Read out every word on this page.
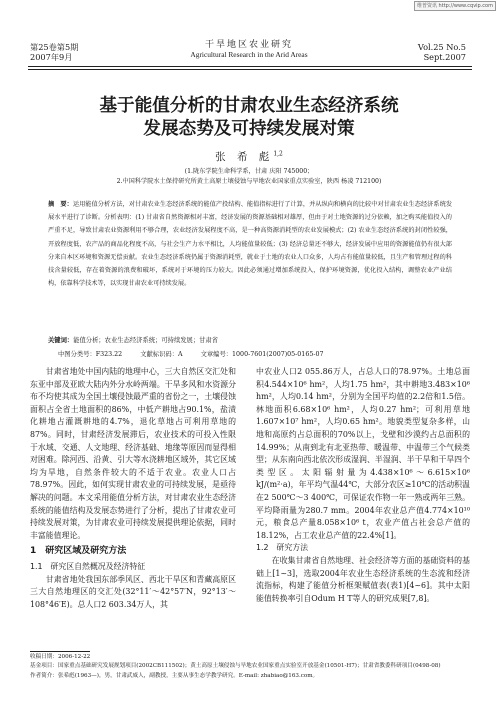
维普资讯 http://www.cqvip.com
第25卷第5期
2007年9月
干旱地区农业研究
Agricultural Research in the Arid Areas
Vol.25 No.5
Sept.2007
基于能值分析的甘肃农业生态经济系统
发展态势及可持续发展对策
张 希 彪$^{1,2}$
(1.陇东学院生命科学系，甘肃 庆阳 745000；
2.中国科学院水土保持研究所黄土高原土壤侵蚀与旱地农业国家重点实验室，陕西 杨凌 712100)
摘　要：运用能值分析方法，对甘肃农业生态经济系统的能值产投结构、能值指标进行了计算，并从纵向和横向的比较中对甘肃农业生态经济系统发展水平进行了诊断。分析表明：(1) 甘肃省自然资源相对丰富，经济发展的资源基础相对雄厚，但由于对土地资源的过分依赖，加之购买能值投入的严重不足，导致甘肃农业资源利用不够合理，农业经济发展程度不高，是一种高资源消耗型的农业发展模式；(2) 农业生态经济系统的封闭性较强，开放程度低，农产品的商品化程度不高，与社会生产力水平相比，人均能值量较低；(3) 经济总量还不够大，经济发展中应用的资源能值仍有很大部分来自本区环境和资源无偿贡献。农业生态经济系统仍属于资源消耗型，就业于土地的农业人口众多，人均占有能值量较低，且生产和管理过程的科技含量较低，存在着资源的浪费和破坏，系统对于环境的压力较大。因此必须通过增加系统投入，保护环境资源，优化投入结构，调整农业产业结构，依靠科学技术等，以实现甘肃农业可持续发展。
关键词：能值分析；农业生态经济系统；可持续发展；甘肃省
中图分类号：F323.22	文献标识码：A	文章编号：1000-7601(2007)05-0165-07

甘肃省地处中国内陆的地理中心，三大自然区交汇处和东亚中部及亚欧大陆内外分水岭两端。干旱多风和水资源分布不均使其成为全国土壤侵蚀最严重的省份之一，土壤侵蚀面积占全省土地面积的86%，中低产耕地占90.1%，盐渍化耕地占灌溉耕地的4.7%，退化草地占可利用草地的87%。同时，甘肃经济发展滞后，农业技术的可投入性限于水域、交通、人文地理、经济基础、地缘等原因而显得相对困难。除河西、沿黄、引大等水浇耕地区域外，其它区域均为旱地，自然条件较大的不适于农业。农业人口占78.97%。因此，如何实现甘肃农业的可持续发展，是亟待解决的问题。本文采用能值分析方法，对甘肃农业生态经济系统的能值结构及发展态势进行了分析，提出了甘肃农业可持续发展对策，为甘肃农业可持续发展提供理论依据，同时丰富能值理论。

1　研究区域及研究方法

1.1　研究区自然概况及经济特征

甘肃省地处我国东部季风区、西北干旱区和青藏高原区三大自然地理区的交汇处(32°11′～42°57′N，92°13′～108°46′E)。总人口2 603.34万人，其

中农业人口2 055.86万人，占总人口的78.97%。土地总面积4.544×10⁶ hm²，人均1.75 hm²，其中耕地3.483×10⁶ hm²，人均0.14 hm²，分别为全国平均值的2.2倍和1.5倍。林地面积6.68×10⁶ hm²，人均0.27 hm²；可利用草地1.607×10⁷ hm²，人均0.65 hm²。地貌类型复杂多样，山地和高原约占总面积的70%以上，戈壁和沙漠约占总面积的14.99%；从南到北有北亚热带、暖温带、中温带三个气候类型；从东南向西北依次形成湿润、半湿润、半干旱和干旱四个类型区。太阳辐射量为4.438×10⁶～6.615×10⁶ kJ/(m²·a)，年平均气温44℃，大部分农区≥10℃的活动积温在2 500℃～3 400℃，可保证农作物一年一熟或两年三熟。平均降雨量为280.7 mm。2004年农业总产值4.774×10¹⁰元，粮食总产量8.058×10⁶ t，农业产值占社会总产值的18.12%，占工农业总产值的22.4%[1]。

1.2　研究方法

在收集甘肃省自然地理、社会经济等方面的基础资料的基础上[1~3]，选取2004年农业生态经济系统的生态流和经济流指标，构建了能值分析框架赋值表(表1)[4~6]。其中太阳能值转换率引自Odum H T等人的研究成果[7,8]。

收稿日期：2006-12-22
基金项目：国家重点基础研究发展规划项目(2002CB111502)；黄土高原土壤侵蚀与旱地农业国家重点实验室开放基金(10501-H7)；甘肃省教委科研项目(0498-08)
作者简介：张希彪(1963—)，男，甘肃武威人，副教授，主要从事生态学教学研究。E-mail: zhabiao@163.com。
